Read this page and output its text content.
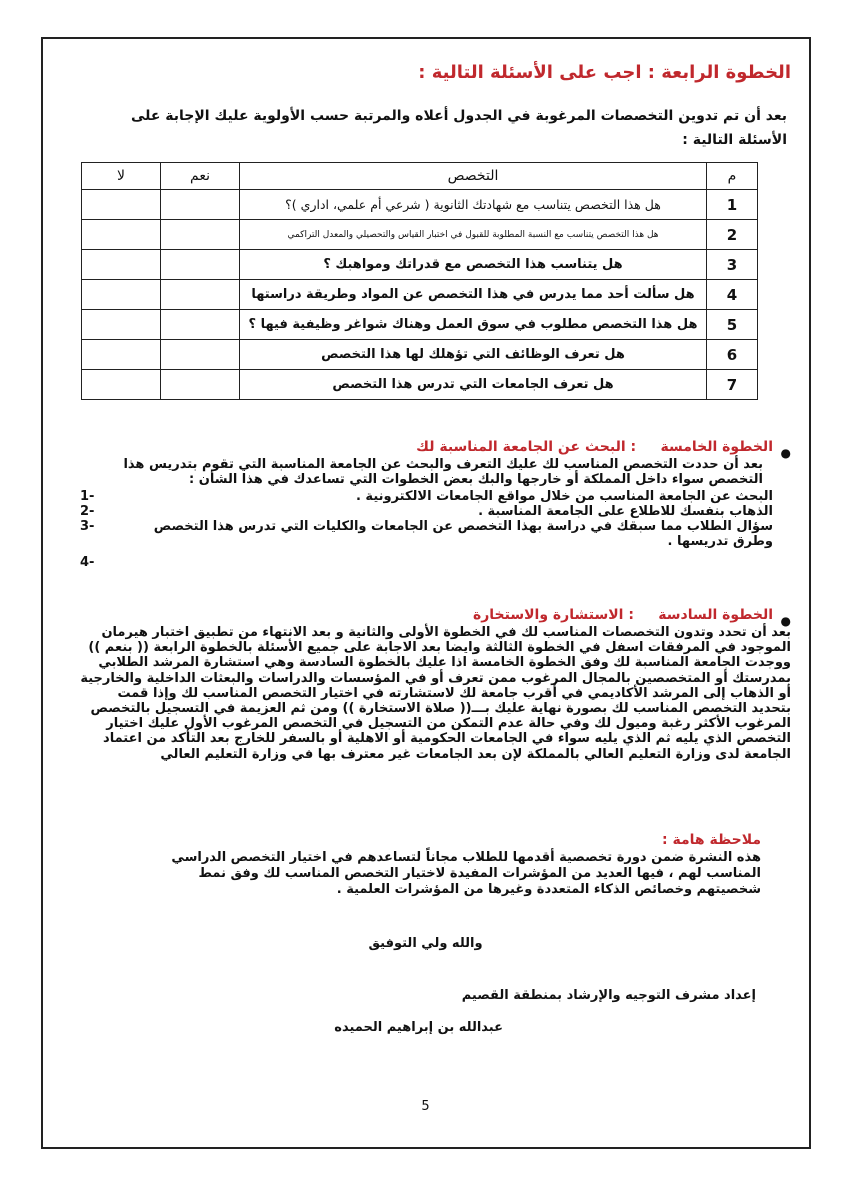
الخطوة الرابعة : اجب على الأسئلة التالية :

بعد أن تم تدوين التخصصات المرغوبة في الجدول أعلاه والمرتبة حسب الأولوية عليك الإجابة على الأسئلة التالية :

م	التخصص	نعم	لا
1	هل هذا التخصص يتناسب مع شهادتك الثانوية ( شرعي أم علمي، اداري )؟		
2	هل هذا التخصص يتناسب مع النسبة المطلوبة للقبول في اختبار القياس والتحصيلي والمعدل التراكمي		
3	هل يتناسب هذا التخصص مع قدراتك ومواهبك ؟		
4	هل سألت أحد مما يدرس في هذا التخصص عن المواد وطريقة دراستها		
5	هل هذا التخصص مطلوب في سوق العمل وهناك شواغر وظيفية فيها ؟		
6	هل تعرف الوظائف التي تؤهلك لها هذا التخصص		
7	هل تعرف الجامعات التي تدرس هذا التخصص		
●

الخطوة الخامسة     : البحث عن الجامعة المناسبة لك

بعد أن حددت التخصص المناسب لك عليك التعرف والبحث عن الجامعة المناسبة التي تقوم بتدريس هذا التخصص سواء داخل المملكة أو خارجها والبك بعض الخطوات التي تساعدك في هذا الشأن :

البحث عن الجامعة المناسب من خلال مواقع الجامعات الالكترونية .
-1
الذهاب بنفسك للاطلاع على الجامعة المناسبة .
-2
سؤال الطلاب مما سبقك في دراسة بهذا التخصص عن الجامعات والكليات التي تدرس هذا التخصص وطرق تدريسها .
-3
-4
●

الخطوة السادسة     : الاستشارة والاستخارة

بعد أن تحدد وتدون التخصصات المناسب لك في الخطوة الأولى والثانية و بعد الانتهاء من تطبيق اختبار هيرمان الموجود في المرفقات اسفل في الخطوة الثالثة وايضا بعد الاجابة على جميع الأسئلة بالخطوة الرابعة (( بنعم )) ووجدت الجامعة المناسبة لك وفق الخطوة الخامسة اذا عليك بالخطوة السادسة وهي استشارة المرشد الطلابي بمدرستك أو المتخصصين بالمجال المرغوب ممن تعرف أو في المؤسسات والدراسات والبعثات الداخلية والخارجية أو الذهاب إلى المرشد الأكاديمي في أقرب جامعة لك لاستشارته في اختيار التخصص المناسب لك وإذا قمت بتحديد التخصص المناسب لك بصورة نهاية عليك بـــ(( صلاة الاستخارة )) ومن ثم العزيمة في التسجيل بالتخصص المرغوب الأكثر رغبة وميول لك وفي حالة عدم التمكن من التسجيل في التخصص المرغوب الأول عليك اختيار التخصص الذي يليه ثم الذي يليه سواء في الجامعات الحكومية أو الاهلية أو بالسفر للخارج بعد التأكد من اعتماد الجامعة لدى وزارة التعليم العالي بالمملكة لإن بعد الجامعات غير معترف بها في وزارة التعليم العالي

ملاحظة هامة :

هذه النشرة ضمن دورة تخصصية أقدمها للطلاب مجاناً لتساعدهم في اختيار التخصص الدراسي المناسب لهم ، فيها العديد من المؤشرات المفيدة لاختيار التخصص المناسب لك وفق نمط شخصيتهم وخصائص الذكاء المتعددة وغيرها من المؤشرات العلمية .

والله ولي التوفيق
إعداد مشرف التوجيه والإرشاد بمنطقة القصيم
عبدالله بن إبراهيم الحميده
5
